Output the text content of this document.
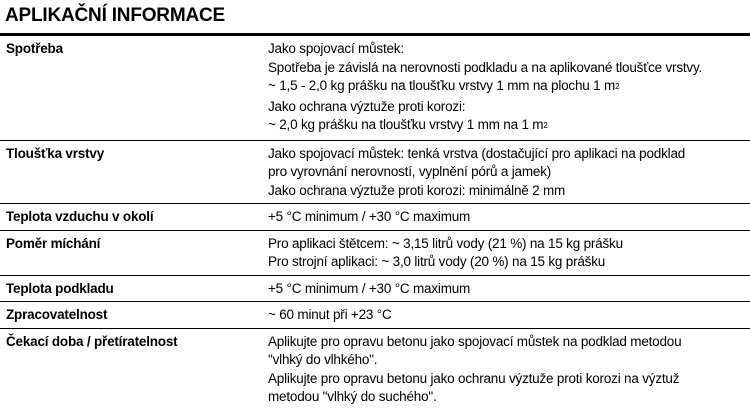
APLIKAČNÍ INFORMACE
Spotřeba	Jako spojovací můstek:
Spotřeba je závislá na nerovnosti podkladu a na aplikované tloušťce vrstvy.
~ 1,5 - 2,0 kg prášku na tloušťku vrstvy 1 mm na plochu 1 $m^2$
Jako ochrana výztuže proti korozi:
~ 2,0 kg prášku na tloušťku vrstvy 1 mm na 1 $m^2$
Tloušťka vrstvy	Jako spojovací můstek: tenká vrstva (dostačující pro aplikaci na podklad
pro vyrovnání nerovností, vyplnění pórů a jamek)
Jako ochrana výztuže proti korozi: minimálně 2 mm
Teplota vzduchu v okolí	+5 °C minimum / +30 °C maximum
Poměr míchání	Pro aplikaci štětcem: ~ 3,15 litrů vody (21 %) na 15 kg prášku
Pro strojní aplikaci: ~ 3,0 litrů vody (20 %) na 15 kg prášku
Teplota podkladu	+5 °C minimum / +30 °C maximum
Zpracovatelnost	~ 60 minut při +23 °C
Čekací doba / přetíratelnost	Aplikujte pro opravu betonu jako spojovací můstek na podklad metodou
"vlhký do vlhkého".
Aplikujte pro opravu betonu jako ochranu výztuže proti korozi na výztuž
metodou "vlhký do suchého".
